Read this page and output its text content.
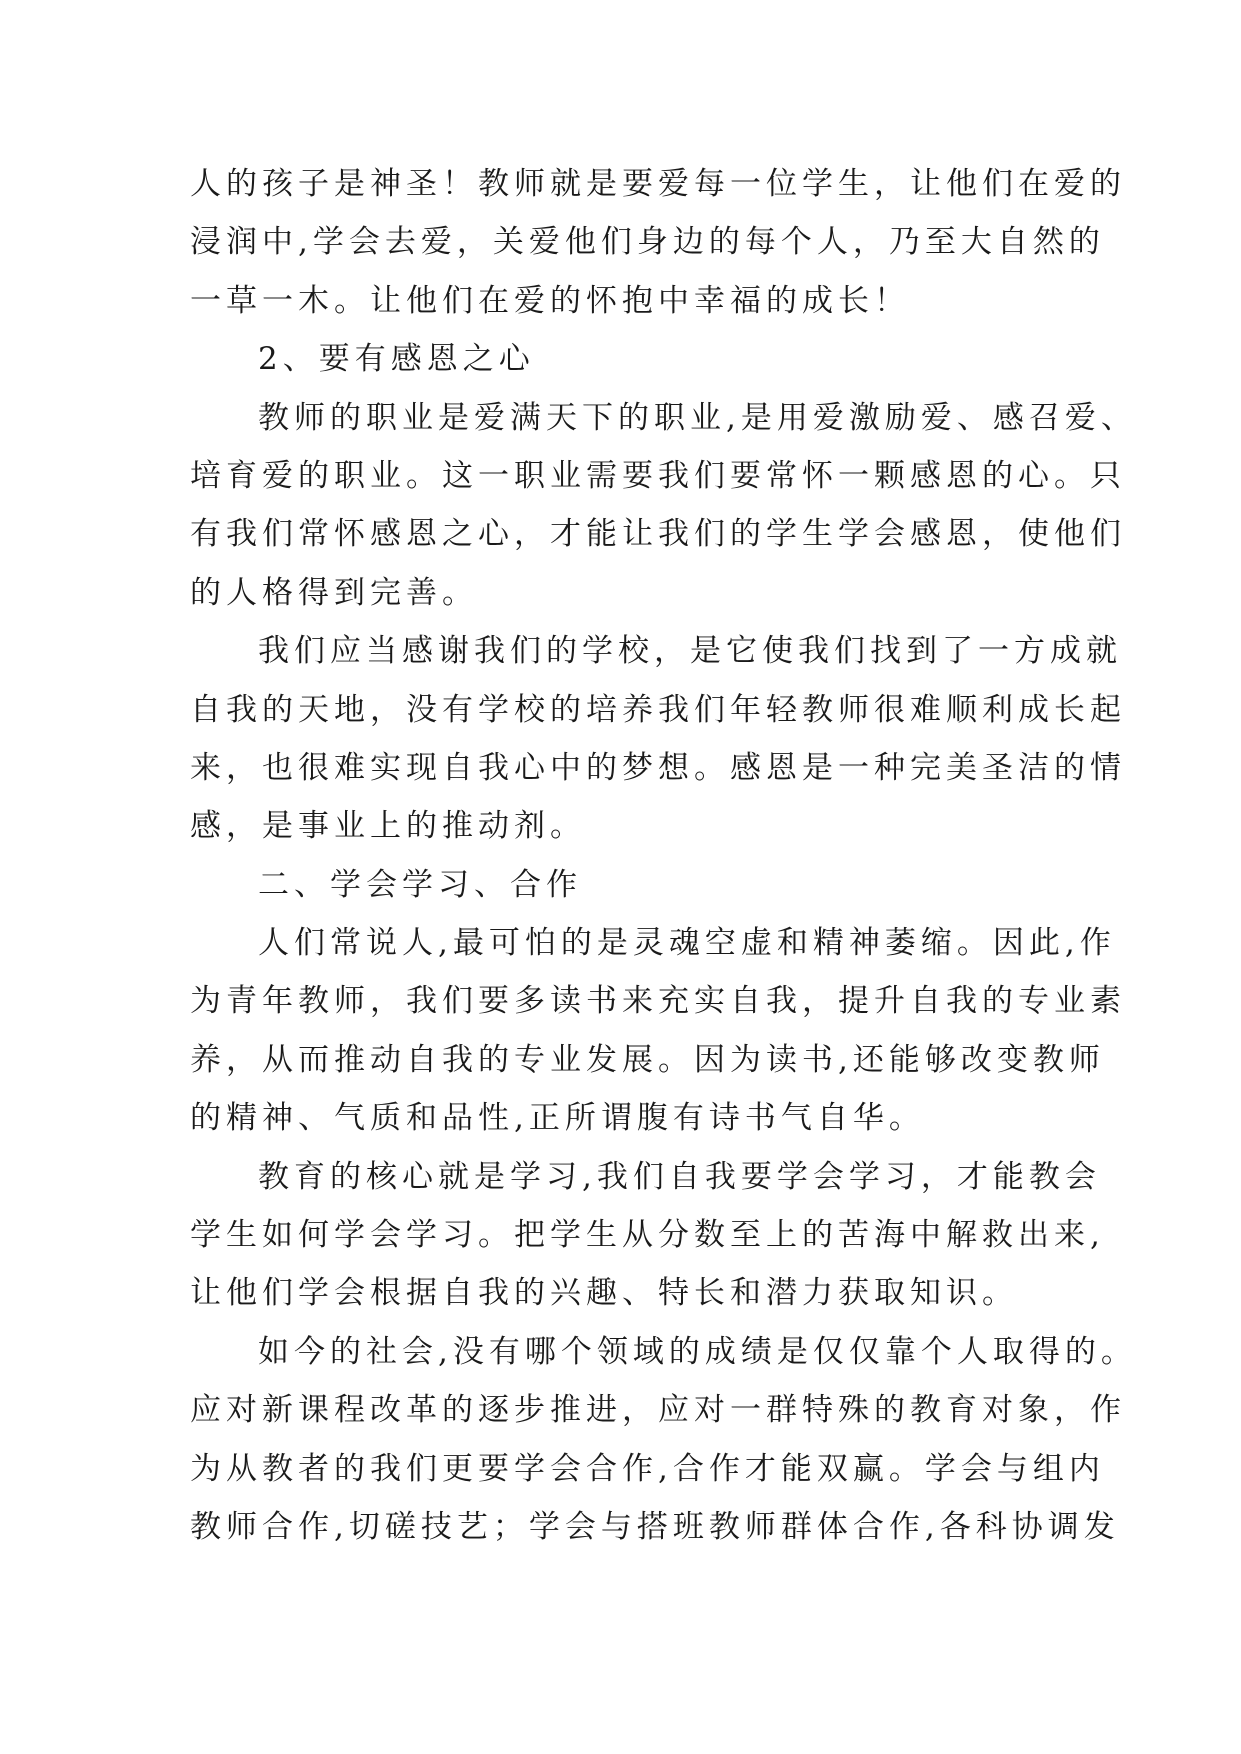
人的孩子是神圣！教师就是要爱每一位学生，让他们在爱的
浸润中,学会去爱，关爱他们身边的每个人，乃至大自然的
一草一木。让他们在爱的怀抱中幸福的成长！
2、要有感恩之心
教师的职业是爱满天下的职业,是用爱激励爱、感召爱、
培育爱的职业。这一职业需要我们要常怀一颗感恩的心。只
有我们常怀感恩之心，才能让我们的学生学会感恩，使他们
的人格得到完善。
我们应当感谢我们的学校，是它使我们找到了一方成就
自我的天地，没有学校的培养我们年轻教师很难顺利成长起
来，也很难实现自我心中的梦想。感恩是一种完美圣洁的情
感，是事业上的推动剂。
二、学会学习、合作
人们常说人,最可怕的是灵魂空虚和精神萎缩。因此,作
为青年教师，我们要多读书来充实自我，提升自我的专业素
养，从而推动自我的专业发展。因为读书,还能够改变教师
的精神、气质和品性,正所谓腹有诗书气自华。
教育的核心就是学习,我们自我要学会学习，才能教会
学生如何学会学习。把学生从分数至上的苦海中解救出来,
让他们学会根据自我的兴趣、特长和潜力获取知识。
如今的社会,没有哪个领域的成绩是仅仅靠个人取得的。
应对新课程改革的逐步推进，应对一群特殊的教育对象，作
为从教者的我们更要学会合作,合作才能双赢。学会与组内
教师合作,切磋技艺；学会与搭班教师群体合作,各科协调发
